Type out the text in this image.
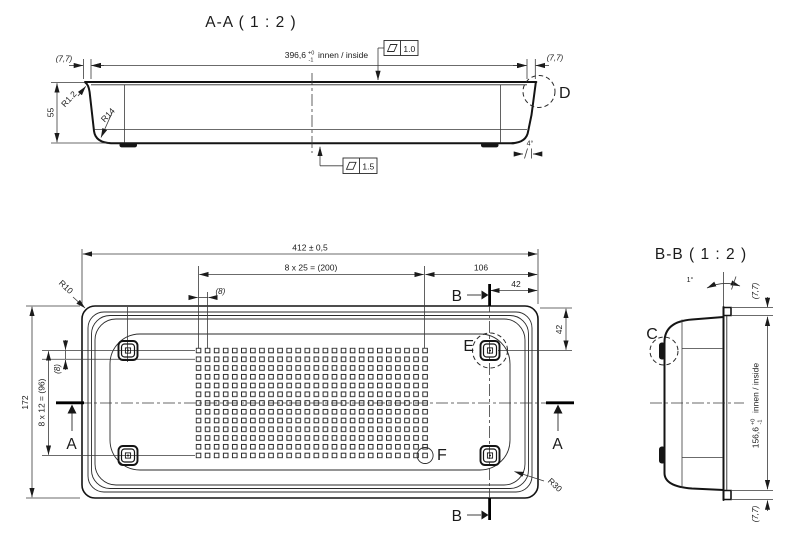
A-A ( 1 : 2 )
(7,7)	(7,7)
396,6 +0
-1
innen / inside
1.0
1.5
55
R1.2
R14
4°
D
412 ± 0,5
8 x 25 = (200)	106
42
(8)
42
172 8 x 12 = (96)
(8)
R10
R30
A	A
B
B
E
F
B-B ( 1 : 2 )
1°
(7,7)
(7,7)
156,6
+0 -1
innen / inside
C
